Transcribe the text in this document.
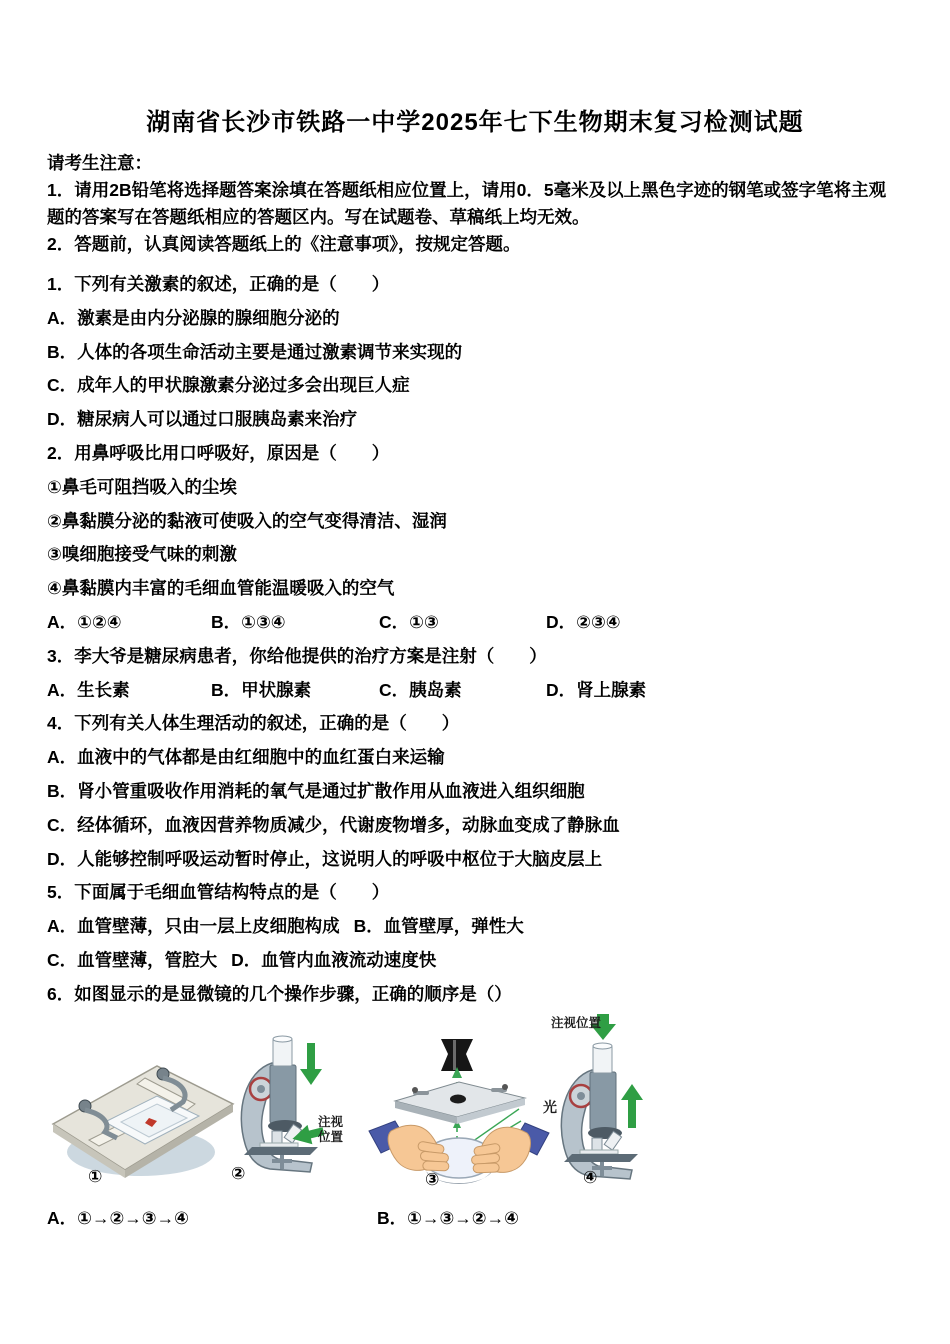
湖南省长沙市铁路一中学2025年七下生物期末复习检测试题
请考生注意：
1．请用2B铅笔将选择题答案涂填在答题纸相应位置上，请用0．5毫米及以上黑色字迹的钢笔或签字笔将主观题的答案写在答题纸相应的答题区内。写在试题卷、草稿纸上均无效。
2．答题前，认真阅读答题纸上的《注意事项》，按规定答题。
1．下列有关激素的叙述，正确的是（　　）
A．激素是由内分泌腺的腺细胞分泌的
B．人体的各项生命活动主要是通过激素调节来实现的
C．成年人的甲状腺激素分泌过多会出现巨人症
D．糖尿病人可以通过口服胰岛素来治疗
2．用鼻呼吸比用口呼吸好，原因是（　　）
①鼻毛可阻挡吸入的尘埃
②鼻黏膜分泌的黏液可使吸入的空气变得清洁、湿润
③嗅细胞接受气味的刺激
④鼻黏膜内丰富的毛细血管能温暖吸入的空气
A．①②④	B．①③④	C．①③	D．②③④
3．李大爷是糖尿病患者，你给他提供的治疗方案是注射（　　）
A．生长素	B．甲状腺素	C．胰岛素	D．肾上腺素
4．下列有关人体生理活动的叙述，正确的是（　　）
A．血液中的气体都是由红细胞中的血红蛋白来运输
B．肾小管重吸收作用消耗的氧气是通过扩散作用从血液进入组织细胞
C．经体循环，血液因营养物质减少，代谢废物增多，动脉血变成了静脉血
D．人能够控制呼吸运动暂时停止，这说明人的呼吸中枢位于大脑皮层上
5．下面属于毛细血管结构特点的是（　　）
A．血管壁薄，只由一层上皮细胞构成 B．血管壁厚，弹性大
C．血管壁薄，管腔大 D．血管内血液流动速度快
6．如图显示的是显微镜的几个操作步骤，正确的顺序是（）
①	②
注视位置
③
光
④
注视位置
A．①→②→③→④	B．①→③→②→④
